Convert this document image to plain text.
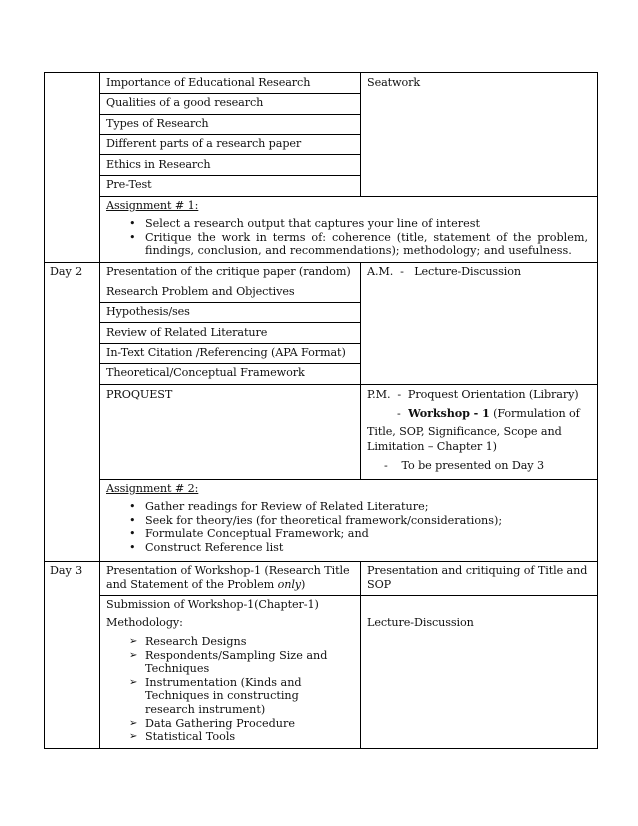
Importance of Educational Research
Qualities of a good research
Types of Research
Different parts of a research paper
Ethics in Research
Pre-Test
Seatwork
Assignment # 1:
• Select a research output that captures your line of interest
• Critique the work in terms of: coherence (title, statement of the problem, findings, conclusion, and recommendations); methodology; and usefulness.
Day 2 Presentation of the critique paper (random)
Research Problem and Objectives
Hypothesis/ses
Review of Related Literature
In-Text Citation /Referencing (APA Format)
Theoretical/Conceptual Framework
A.M.  -   Lecture-Discussion
PROQUEST	P.M.  -  Proquest Orientation (Library)
- Workshop - 1 (Formulation of
Title, SOP, Significance, Scope and
Limitation – Chapter 1)
-    To be presented on Day 3
Assignment # 2:
• Gather readings for Review of Related Literature;
• Seek for theory/ies (for theoretical framework/considerations);
• Formulate Conceptual Framework; and
• Construct Reference list
Day 3 Presentation of Workshop-1 (Research Title
and Statement of the Problem only)
Presentation and critiquing of Title and
SOP
Submission of Workshop-1(Chapter-1)
Methodology:	Lecture-Discussion
➢ Research Designs
➢ Respondents/Sampling Size and Techniques
➢ Instrumentation (Kinds and Techniques in constructing research instrument)
➢ Data Gathering Procedure
➢ Statistical Tools
